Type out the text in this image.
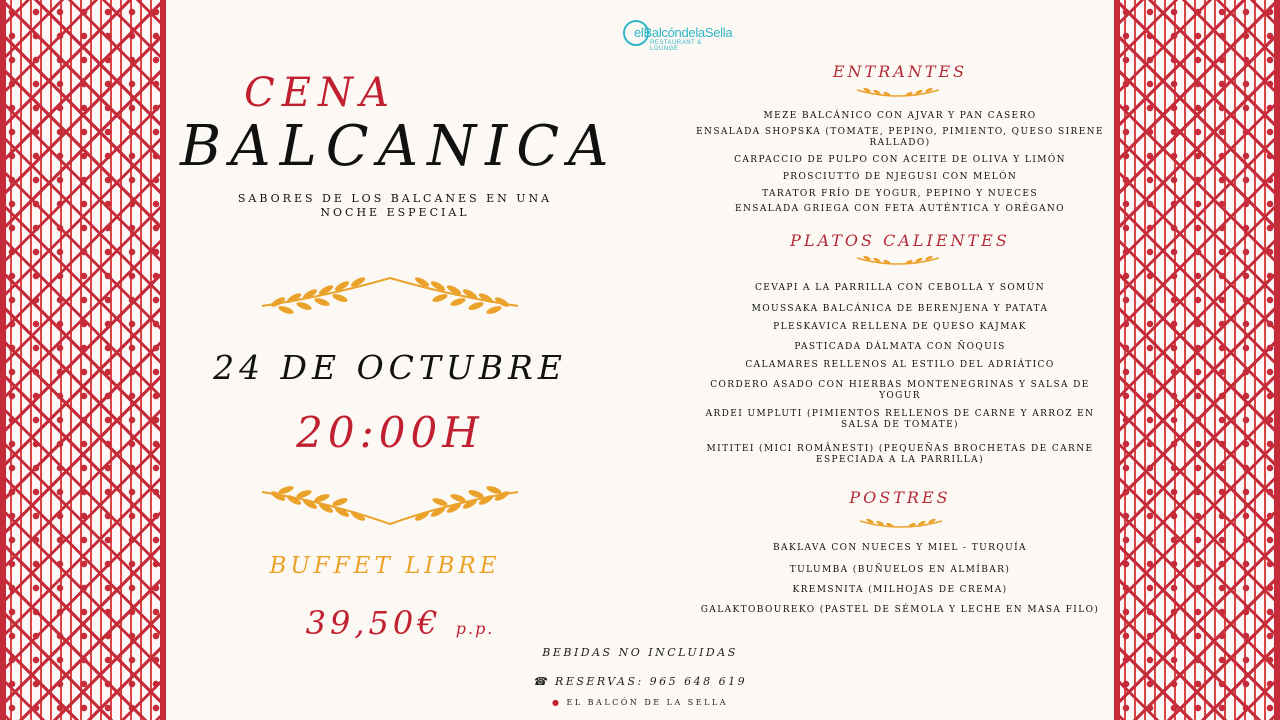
elBalcóndelaSella
RESTAURANT & LOUNGE
CENA
BALCANICA
SABORES DE LOS BALCANES EN UNA NOCHE ESPECIAL
24 DE OCTUBRE
20:00H
BUFFET LIBRE
39,50€ p.p.
ENTRANTES
MEZE BALCÁNICO CON AJVAR Y PAN CASERO
ENSALADA SHOPSKA (TOMATE, PEPINO, PIMIENTO, QUESO SIRENE RALLADO)
CARPACCIO DE PULPO CON ACEITE DE OLIVA Y LIMÓN
PROSCIUTTO DE NJEGUSI CON MELÓN
TARATOR FRÍO DE YOGUR, PEPINO Y NUECES
ENSALADA GRIEGA CON FETA AUTÉNTICA Y ORÉGANO
PLATOS CALIENTES
CEVAPI A LA PARRILLA CON CEBOLLA Y SOMÚN
MOUSSAKA BALCÁNICA DE BERENJENA Y PATATA
PLESKAVICA RELLENA DE QUESO KAJMAK
PASTICADA DÁLMATA CON ÑOQUIS
CALAMARES RELLENOS AL ESTILO DEL ADRIÁTICO
CORDERO ASADO CON HIERBAS MONTENEGRINAS Y SALSA DE YOGUR
ARDEI UMPLUTI (PIMIENTOS RELLENOS DE CARNE Y ARROZ EN SALSA DE TOMATE)
MITITEI (MICI ROMÂNESTI) (PEQUEÑAS BROCHETAS DE CARNE ESPECIADA A LA PARRILLA)
POSTRES
BAKLAVA CON NUECES Y MIEL - TURQUÍA
TULUMBA (BUÑUELOS EN ALMÍBAR)
KREMSNITA (MILHOJAS DE CREMA)
GALAKTOBOUREKO (PASTEL DE SÉMOLA Y LECHE EN MASA FILO)
BEBIDAS NO INCLUIDAS
☎ RESERVAS: 965 648 619
● EL BALCÓN DE LA SELLA
